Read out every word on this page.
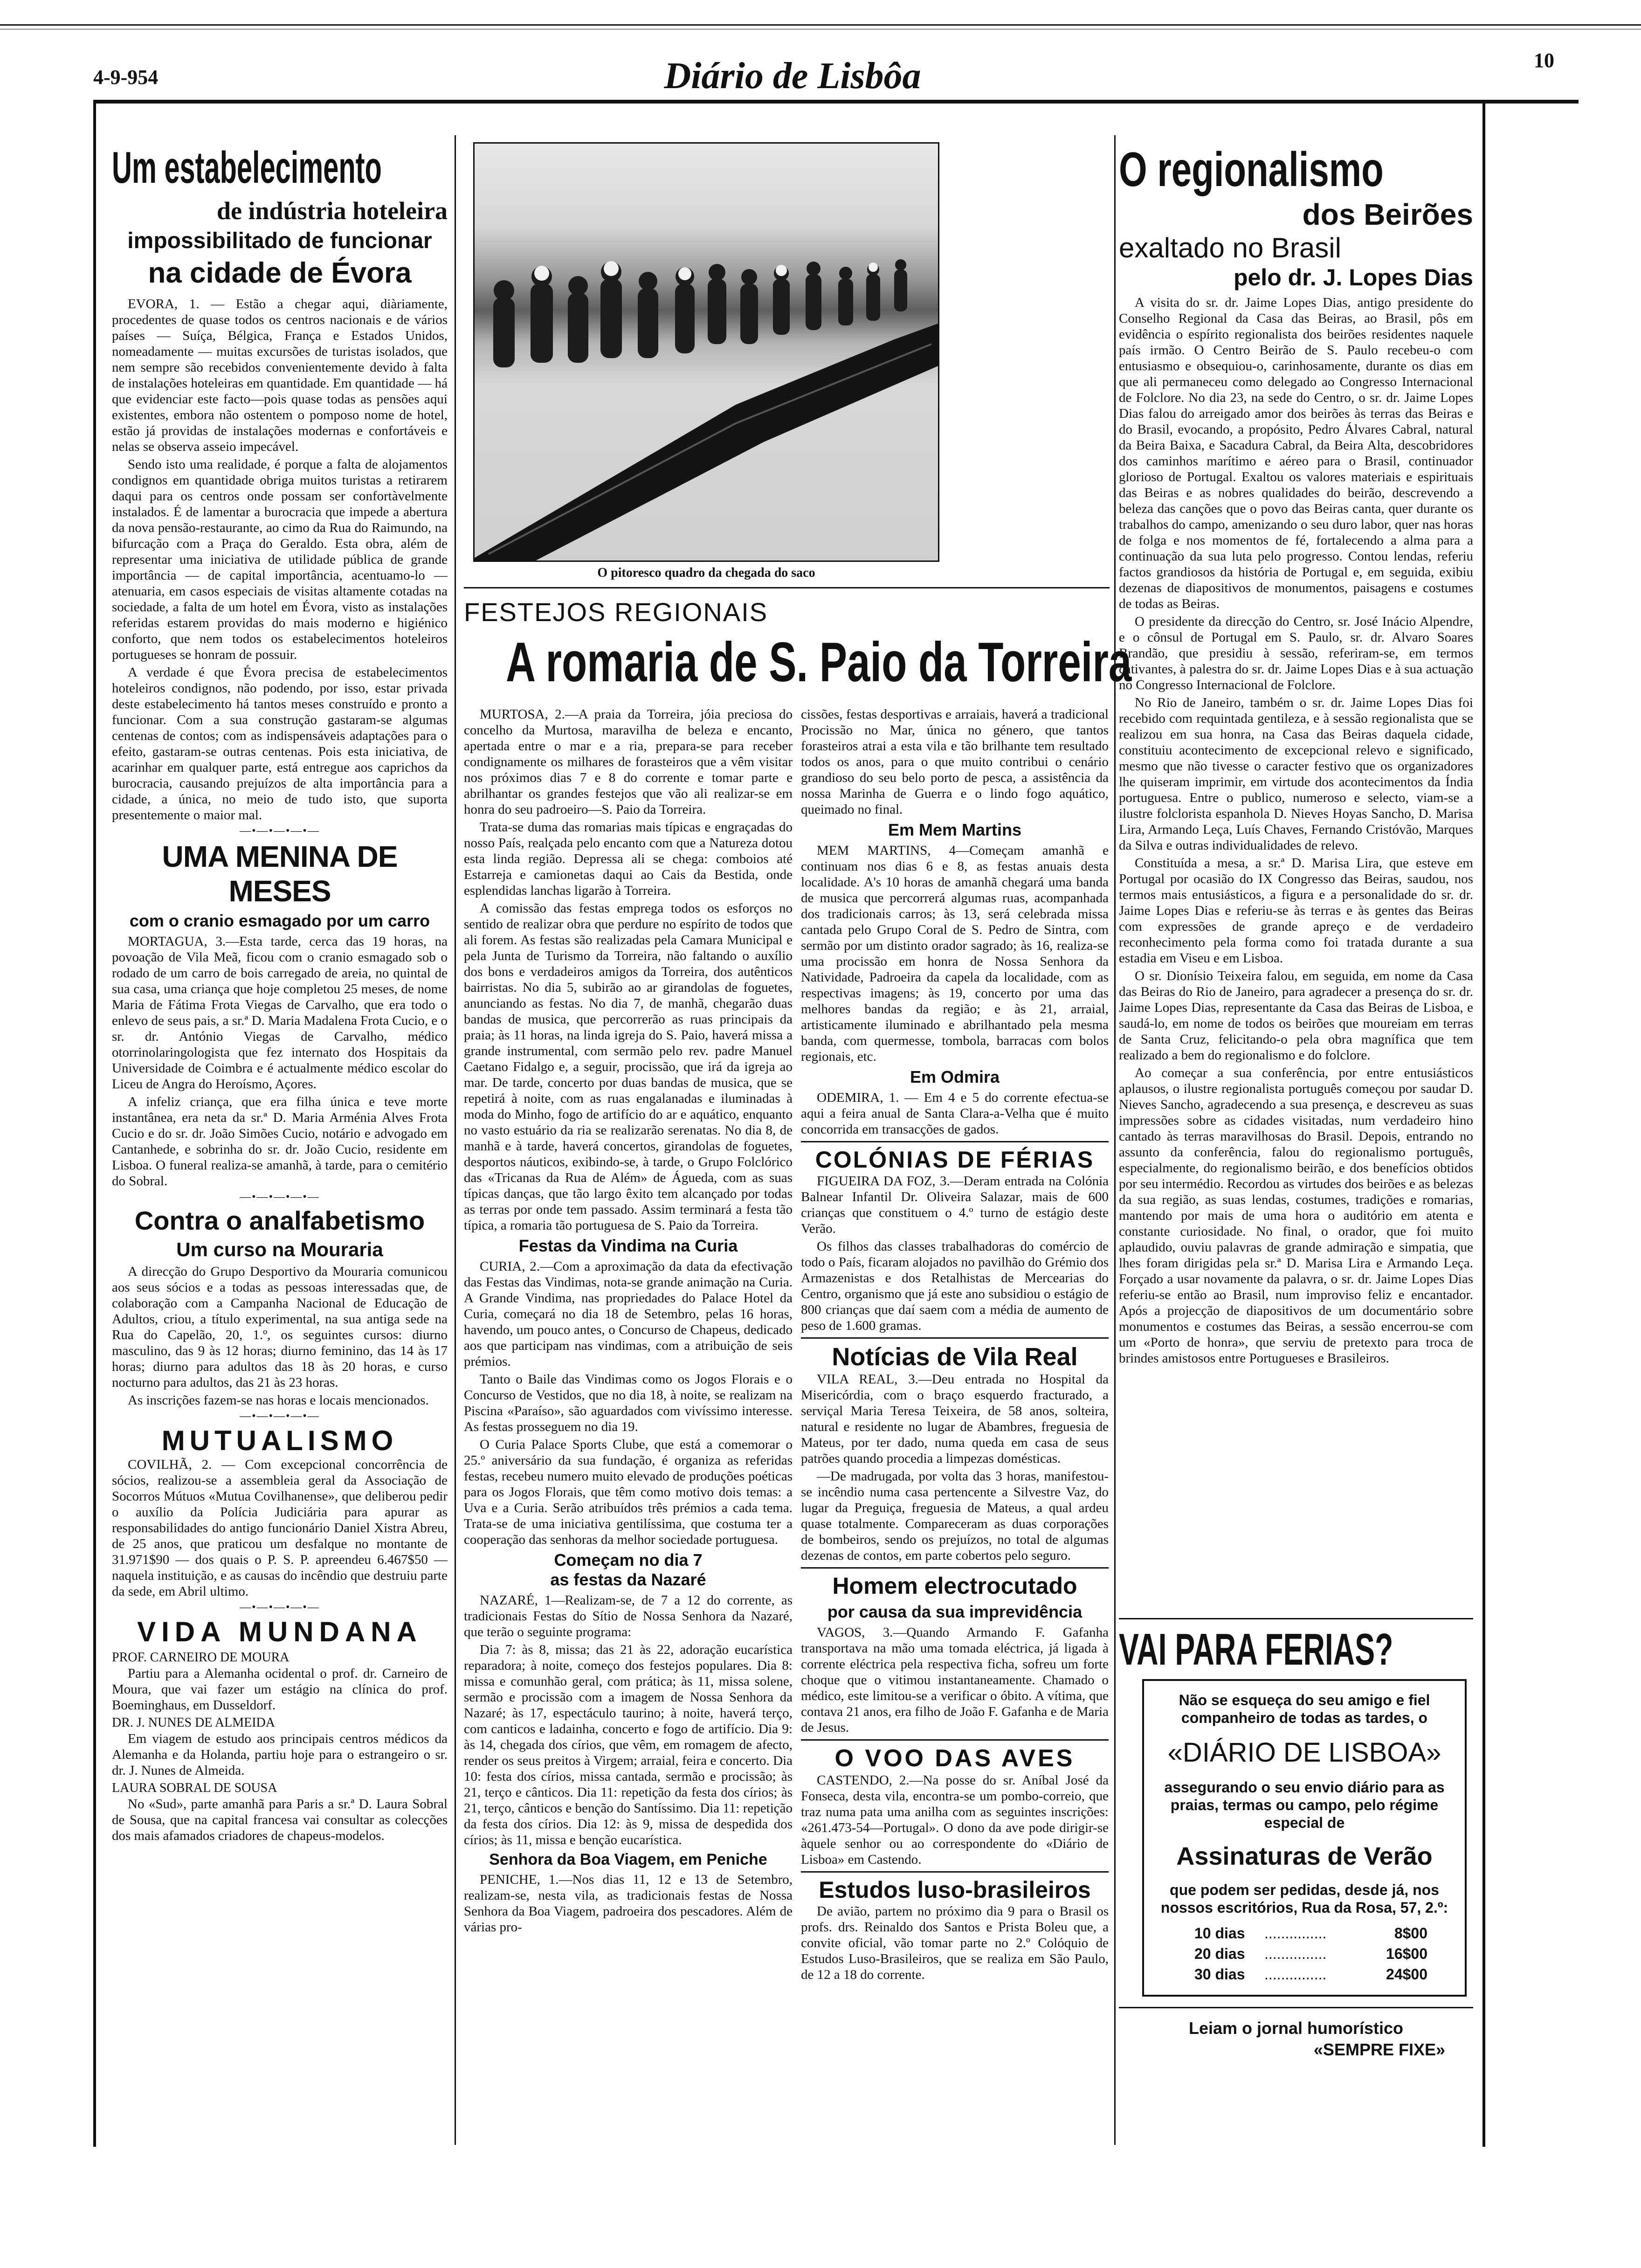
4-9-954	Diário de Lisbôa	10
Um estabelecimento
de indústria hoteleira
impossibilitado de funcionar
na cidade de Évora

EVORA, 1. — Estão a chegar aqui, diàriamente, procedentes de quase todos os centros nacionais e de vários países — Suíça, Bélgica, França e Estados Unidos, nomeadamente — muitas excursões de turistas isolados, que nem sempre são recebidos convenientemente devido à falta de instalações hoteleiras em quantidade. Em quantidade — há que evidenciar este facto—pois quase todas as pensões aqui existentes, embora não ostentem o pomposo nome de hotel, estão já providas de instalações modernas e confortáveis e nelas se observa asseio impecável.

Sendo isto uma realidade, é porque a falta de alojamentos condignos em quantidade obriga muitos turistas a retirarem daqui para os centros onde possam ser confortàvelmente instalados. É de lamentar a burocracia que impede a abertura da nova pensão-restaurante, ao cimo da Rua do Raimundo, na bifurcação com a Praça do Geraldo. Esta obra, além de representar uma iniciativa de utilidade pública de grande importância — de capital importância, acentuamo-lo — atenuaria, em casos especiais de visitas altamente cotadas na sociedade, a falta de um hotel em Évora, visto as instalações referidas estarem providas do mais moderno e higiénico conforto, que nem todos os estabelecimentos hoteleiros portugueses se honram de possuir.

A verdade é que Évora precisa de estabelecimentos hoteleiros condignos, não podendo, por isso, estar privada deste estabelecimento há tantos meses construído e pronto a funcionar. Com a sua construção gastaram-se algumas centenas de contos; com as indispensáveis adaptações para o efeito, gastaram-se outras centenas. Pois esta iniciativa, de acarinhar em qualquer parte, está entregue aos caprichos da burocracia, causando prejuízos de alta importância para a cidade, a única, no meio de tudo isto, que suporta presentemente o maior mal.

—•—•—•—•—
UMA MENINA DE MESES
com o cranio esmagado por um carro

MORTAGUA, 3.—Esta tarde, cerca das 19 horas, na povoação de Vila Meã, ficou com o cranio esmagado sob o rodado de um carro de bois carregado de areia, no quintal de sua casa, uma criança que hoje completou 25 meses, de nome Maria de Fátima Frota Viegas de Carvalho, que era todo o enlevo de seus pais, a sr.ª D. Maria Madalena Frota Cucio, e o sr. dr. António Viegas de Carvalho, médico otorrinolaringologista que fez internato dos Hospitais da Universidade de Coimbra e é actualmente médico escolar do Liceu de Angra do Heroísmo, Açores.

A infeliz criança, que era filha única e teve morte instantânea, era neta da sr.ª D. Maria Arménia Alves Frota Cucio e do sr. dr. João Simões Cucio, notário e advogado em Cantanhede, e sobrinha do sr. dr. João Cucio, residente em Lisboa. O funeral realiza-se amanhã, à tarde, para o cemitério do Sobral.

—•—•—•—•—
Contra o analfabetismo
Um curso na Mouraria

A direcção do Grupo Desportivo da Mouraria comunicou aos seus sócios e a todas as pessoas interessadas que, de colaboração com a Campanha Nacional de Educação de Adultos, criou, a título experimental, na sua antiga sede na Rua do Capelão, 20, 1.º, os seguintes cursos: diurno masculino, das 9 às 12 horas; diurno feminino, das 14 às 17 horas; diurno para adultos das 18 às 20 horas, e curso nocturno para adultos, das 21 às 23 horas.

As inscrições fazem-se nas horas e locais mencionados.

—•—•—•—•—
MUTUALISMO

COVILHÃ, 2. — Com excepcional concorrência de sócios, realizou-se a assembleia geral da Associação de Socorros Mútuos «Mutua Covilhanense», que deliberou pedir o auxílio da Polícia Judiciária para apurar as responsabilidades do antigo funcionário Daniel Xistra Abreu, de 25 anos, que praticou um desfalque no montante de 31.971$90 — dos quais o P. S. P. apreendeu 6.467$50 — naquela instituição, e as causas do incêndio que destruiu parte da sede, em Abril ultimo.

—•—•—•—•—
VIDA MUNDANA
PROF. CARNEIRO DE MOURA

Partiu para a Alemanha ocidental o prof. dr. Carneiro de Moura, que vai fazer um estágio na clínica do prof. Boeminghaus, em Dusseldorf.

DR. J. NUNES DE ALMEIDA

Em viagem de estudo aos principais centros médicos da Alemanha e da Holanda, partiu hoje para o estrangeiro o sr. dr. J. Nunes de Almeida.

LAURA SOBRAL DE SOUSA

No «Sud», parte amanhã para Paris a sr.ª D. Laura Sobral de Sousa, que na capital francesa vai consultar as colecções dos mais afamados criadores de chapeus-modelos.

O pitoresco quadro da chegada do saco
FESTEJOS REGIONAIS
A romaria de S. Paio da Torreira

MURTOSA, 2.—A praia da Torreira, jóia preciosa do concelho da Murtosa, maravilha de beleza e encanto, apertada entre o mar e a ria, prepara-se para receber condignamente os milhares de forasteiros que a vêm visitar nos próximos dias 7 e 8 do corrente e tomar parte e abrilhantar os grandes festejos que vão ali realizar-se em honra do seu padroeiro—S. Paio da Torreira.

Trata-se duma das romarias mais típicas e engraçadas do nosso País, realçada pelo encanto com que a Natureza dotou esta linda região. Depressa ali se chega: comboios até Estarreja e camionetas daqui ao Cais da Bestida, onde esplendidas lanchas ligarão à Torreira.

A comissão das festas emprega todos os esforços no sentido de realizar obra que perdure no espírito de todos que ali forem. As festas são realizadas pela Camara Municipal e pela Junta de Turismo da Torreira, não faltando o auxílio dos bons e verdadeiros amigos da Torreira, dos autênticos bairristas. No dia 5, subirão ao ar girandolas de foguetes, anunciando as festas. No dia 7, de manhã, chegarão duas bandas de musica, que percorrerão as ruas principais da praia; às 11 horas, na linda igreja do S. Paio, haverá missa a grande instrumental, com sermão pelo rev. padre Manuel Caetano Fidalgo e, a seguir, procissão, que irá da igreja ao mar. De tarde, concerto por duas bandas de musica, que se repetirá à noite, com as ruas engalanadas e iluminadas à moda do Minho, fogo de artifício do ar e aquático, enquanto no vasto estuário da ria se realizarão serenatas. No dia 8, de manhã e à tarde, haverá concertos, girandolas de foguetes, desportos náuticos, exibindo-se, à tarde, o Grupo Folclórico das «Tricanas da Rua de Além» de Águeda, com as suas típicas danças, que tão largo êxito tem alcançado por todas as terras por onde tem passado. Assim terminará a festa tão típica, a romaria tão portuguesa de S. Paio da Torreira.

Festas da Vindima na Curia

CURIA, 2.—Com a aproximação da data da efectivação das Festas das Vindimas, nota-se grande animação na Curia. A Grande Vindima, nas propriedades do Palace Hotel da Curia, começará no dia 18 de Setembro, pelas 16 horas, havendo, um pouco antes, o Concurso de Chapeus, dedicado aos que participam nas vindimas, com a atribuição de seis prémios.

Tanto o Baile das Vindimas como os Jogos Florais e o Concurso de Vestidos, que no dia 18, à noite, se realizam na Piscina «Paraíso», são aguardados com vivíssimo interesse. As festas prosseguem no dia 19.

O Curia Palace Sports Clube, que está a comemorar o 25.º aniversário da sua fundação, é organiza as referidas festas, recebeu numero muito elevado de produções poéticas para os Jogos Florais, que têm como motivo dois temas: a Uva e a Curia. Serão atribuídos três prémios a cada tema. Trata-se de uma iniciativa gentilíssima, que costuma ter a cooperação das senhoras da melhor sociedade portuguesa.

Começam no dia 7
as festas da Nazaré

NAZARÉ, 1—Realizam-se, de 7 a 12 do corrente, as tradicionais Festas do Sítio de Nossa Senhora da Nazaré, que terão o seguinte programa:

Dia 7: às 8, missa; das 21 às 22, adoração eucarística reparadora; à noite, começo dos festejos populares. Dia 8: missa e comunhão geral, com prática; às 11, missa solene, sermão e procissão com a imagem de Nossa Senhora da Nazaré; às 17, espectáculo taurino; à noite, haverá terço, com canticos e ladainha, concerto e fogo de artifício. Dia 9: às 14, chegada dos círios, que vêm, em romagem de afecto, render os seus preitos à Virgem; arraial, feira e concerto. Dia 10: festa dos círios, missa cantada, sermão e procissão; às 21, terço e cânticos. Dia 11: repetição da festa dos círios; às 21, terço, cânticos e benção do Santíssimo. Dia 11: repetição da festa dos círios. Dia 12: às 9, missa de despedida dos círios; às 11, missa e benção eucarística.

Senhora da Boa Viagem, em Peniche

PENICHE, 1.—Nos dias 11, 12 e 13 de Setembro, realizam-se, nesta vila, as tradicionais festas de Nossa Senhora da Boa Viagem, padroeira dos pescadores. Além de várias pro-

cissões, festas desportivas e arraiais, haverá a tradicional Procissão no Mar, única no género, que tantos forasteiros atrai a esta vila e tão brilhante tem resultado todos os anos, para o que muito contribui o cenário grandioso do seu belo porto de pesca, a assistência da nossa Marinha de Guerra e o lindo fogo aquático, queimado no final.

Em Mem Martins

MEM MARTINS, 4—Começam amanhã e continuam nos dias 6 e 8, as festas anuais desta localidade. A's 10 horas de amanhã chegará uma banda de musica que percorrerá algumas ruas, acompanhada dos tradicionais carros; às 13, será celebrada missa cantada pelo Grupo Coral de S. Pedro de Sintra, com sermão por um distinto orador sagrado; às 16, realiza-se uma procissão em honra de Nossa Senhora da Natividade, Padroeira da capela da localidade, com as respectivas imagens; às 19, concerto por uma das melhores bandas da região; e às 21, arraial, artisticamente iluminado e abrilhantado pela mesma banda, com quermesse, tombola, barracas com bolos regionais, etc.

Em Odmira

ODEMIRA, 1. — Em 4 e 5 do corrente efectua-se aqui a feira anual de Santa Clara-a-Velha que é muito concorrida em transacções de gados.

COLÓNIAS DE FÉRIAS

FIGUEIRA DA FOZ, 3.—Deram entrada na Colónia Balnear Infantil Dr. Oliveira Salazar, mais de 600 crianças que constituem o 4.º turno de estágio deste Verão.

Os filhos das classes trabalhadoras do comércio de todo o País, ficaram alojados no pavilhão do Grémio dos Armazenistas e dos Retalhistas de Mercearias do Centro, organismo que já este ano subsidiou o estágio de 800 crianças que daí saem com a média de aumento de peso de 1.600 gramas.

Notícias de Vila Real

VILA REAL, 3.—Deu entrada no Hospital da Misericórdia, com o braço esquerdo fracturado, a serviçal Maria Teresa Teixeira, de 58 anos, solteira, natural e residente no lugar de Abambres, freguesia de Mateus, por ter dado, numa queda em casa de seus patrões quando procedia a limpezas domésticas.

—De madrugada, por volta das 3 horas, manifestou-se incêndio numa casa pertencente a Silvestre Vaz, do lugar da Preguiça, freguesia de Mateus, a qual ardeu quase totalmente. Compareceram as duas corporações de bombeiros, sendo os prejuízos, no total de algumas dezenas de contos, em parte cobertos pelo seguro.

Homem electrocutado
por causa da sua imprevidência

VAGOS, 3.—Quando Armando F. Gafanha transportava na mão uma tomada eléctrica, já ligada à corrente eléctrica pela respectiva ficha, sofreu um forte choque que o vitimou instantaneamente. Chamado o médico, este limitou-se a verificar o óbito. A vítima, que contava 21 anos, era filho de João F. Gafanha e de Maria de Jesus.

O VOO DAS AVES

CASTENDO, 2.—Na posse do sr. Aníbal José da Fonseca, desta vila, encontra-se um pombo-correio, que traz numa pata uma anilha com as seguintes inscrições: «261.473-54—Portugal». O dono da ave pode dirigir-se àquele senhor ou ao correspondente do «Diário de Lisboa» em Castendo.

Estudos luso-brasileiros

De avião, partem no próximo dia 9 para o Brasil os profs. drs. Reinaldo dos Santos e Prista Boleu que, a convite oficial, vão tomar parte no 2.º Colóquio de Estudos Luso-Brasileiros, que se realiza em São Paulo, de 12 a 18 do corrente.

O regionalismo
dos Beirões
exaltado no Brasil
pelo dr. J. Lopes Dias

A visita do sr. dr. Jaime Lopes Dias, antigo presidente do Conselho Regional da Casa das Beiras, ao Brasil, pôs em evidência o espírito regionalista dos beirões residentes naquele país irmão. O Centro Beirão de S. Paulo recebeu-o com entusiasmo e obsequiou-o, carinhosamente, durante os dias em que ali permaneceu como delegado ao Congresso Internacional de Folclore. No dia 23, na sede do Centro, o sr. dr. Jaime Lopes Dias falou do arreigado amor dos beirões às terras das Beiras e do Brasil, evocando, a propósito, Pedro Álvares Cabral, natural da Beira Baixa, e Sacadura Cabral, da Beira Alta, descobridores dos caminhos marítimo e aéreo para o Brasil, continuador glorioso de Portugal. Exaltou os valores materiais e espirituais das Beiras e as nobres qualidades do beirão, descrevendo a beleza das canções que o povo das Beiras canta, quer durante os trabalhos do campo, amenizando o seu duro labor, quer nas horas de folga e nos momentos de fé, fortalecendo a alma para a continuação da sua luta pelo progresso. Contou lendas, referiu factos grandiosos da história de Portugal e, em seguida, exibiu dezenas de diapositivos de monumentos, paisagens e costumes de todas as Beiras.

O presidente da direcção do Centro, sr. José Inácio Alpendre, e o cônsul de Portugal em S. Paulo, sr. dr. Alvaro Soares Brandão, que presidiu à sessão, referiram-se, em termos cativantes, à palestra do sr. dr. Jaime Lopes Dias e à sua actuação no Congresso Internacional de Folclore.

No Rio de Janeiro, também o sr. dr. Jaime Lopes Dias foi recebido com requintada gentileza, e à sessão regionalista que se realizou em sua honra, na Casa das Beiras daquela cidade, constituiu acontecimento de excepcional relevo e significado, mesmo que não tivesse o caracter festivo que os organizadores lhe quiseram imprimir, em virtude dos acontecimentos da Índia portuguesa. Entre o publico, numeroso e selecto, viam-se a ilustre folclorista espanhola D. Nieves Hoyas Sancho, D. Marisa Lira, Armando Leça, Luís Chaves, Fernando Cristóvão, Marques da Silva e outras individualidades de relevo.

Constituída a mesa, a sr.ª D. Marisa Lira, que esteve em Portugal por ocasião do IX Congresso das Beiras, saudou, nos termos mais entusiásticos, a figura e a personalidade do sr. dr. Jaime Lopes Dias e referiu-se às terras e às gentes das Beiras com expressões de grande apreço e de verdadeiro reconhecimento pela forma como foi tratada durante a sua estadia em Viseu e em Lisboa.

O sr. Dionísio Teixeira falou, em seguida, em nome da Casa das Beiras do Rio de Janeiro, para agradecer a presença do sr. dr. Jaime Lopes Dias, representante da Casa das Beiras de Lisboa, e saudá-lo, em nome de todos os beirões que moureiam em terras de Santa Cruz, felicitando-o pela obra magnífica que tem realizado a bem do regionalismo e do folclore.

Ao começar a sua conferência, por entre entusiásticos aplausos, o ilustre regionalista português começou por saudar D. Nieves Sancho, agradecendo a sua presença, e descreveu as suas impressões sobre as cidades visitadas, num verdadeiro hino cantado às terras maravilhosas do Brasil. Depois, entrando no assunto da conferência, falou do regionalismo português, especialmente, do regionalismo beirão, e dos benefícios obtidos por seu intermédio. Recordou as virtudes dos beirões e as belezas da sua região, as suas lendas, costumes, tradições e romarias, mantendo por mais de uma hora o auditório em atenta e constante curiosidade. No final, o orador, que foi muito aplaudido, ouviu palavras de grande admiração e simpatia, que lhes foram dirigidas pela sr.ª D. Marisa Lira e Armando Leça. Forçado a usar novamente da palavra, o sr. dr. Jaime Lopes Dias referiu-se então ao Brasil, num improviso feliz e encantador. Após a projecção de diapositivos de um documentário sobre monumentos e costumes das Beiras, a sessão encerrou-se com um «Porto de honra», que serviu de pretexto para troca de brindes amistosos entre Portugueses e Brasileiros.

VAI PARA FERIAS?
Não se esqueça do seu amigo e fiel companheiro de todas as tardes, o
«DIÁRIO DE LISBOA»
assegurando o seu envio diário para as praias, termas ou campo, pelo régime especial de
Assinaturas de Verão
que podem ser pedidas, desde já, nos nossos escritórios, Rua da Rosa, 57, 2.º:
10 dias	...............	8$00
20 dias	...............	16$00
30 dias	...............	24$00
Leiam o jornal humorístico
«SEMPRE FIXE»
